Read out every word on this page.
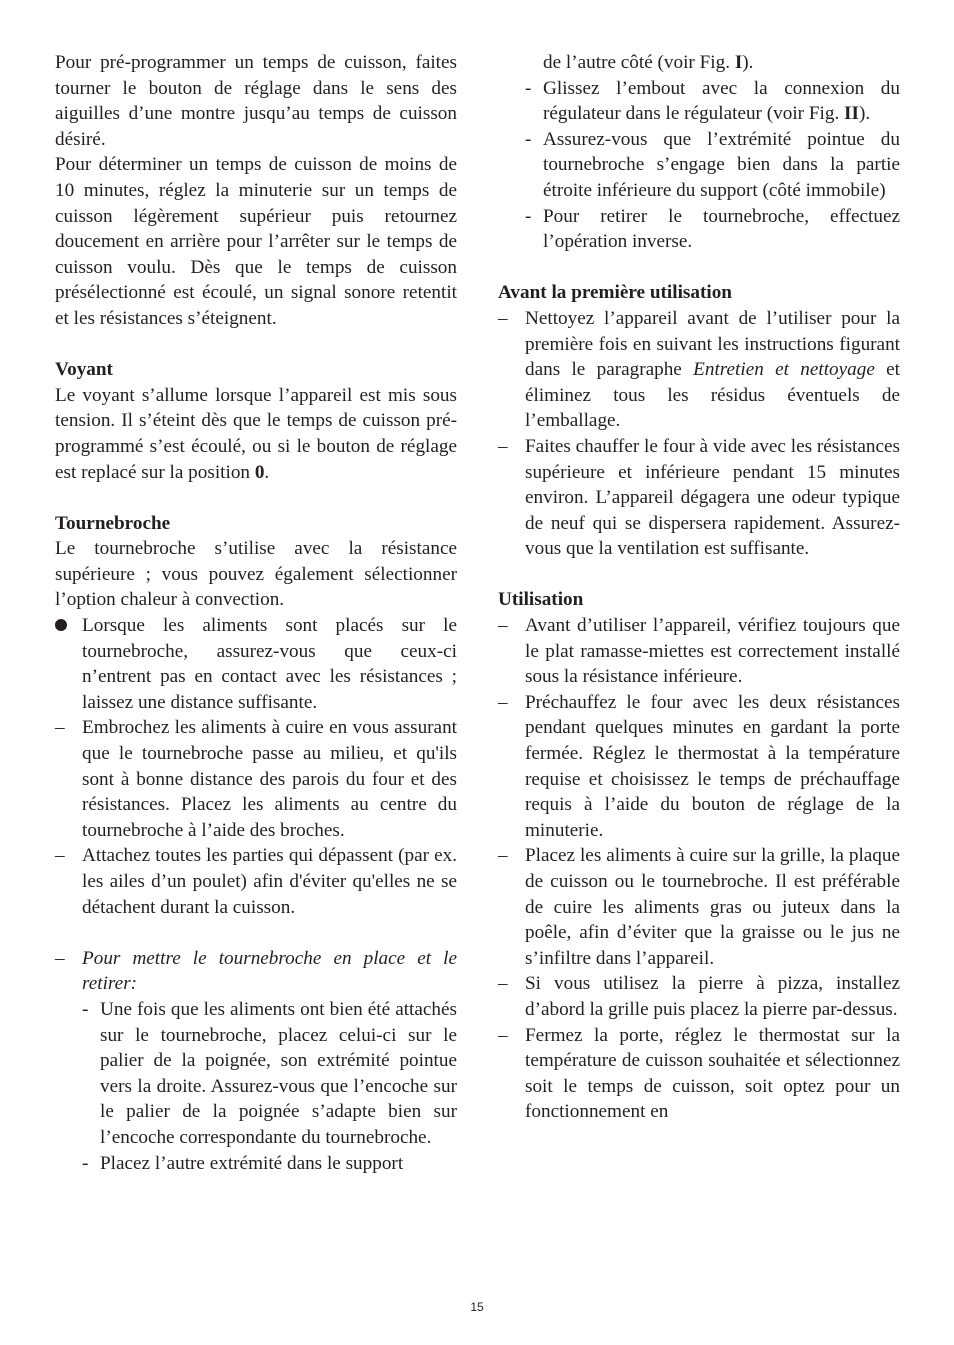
Pour pré-programmer un temps de cuisson, faites tourner le bouton de réglage dans le sens des aiguilles d’une montre jusqu’au temps de cuisson désiré.

Pour déterminer un temps de cuisson de moins de 10 minutes, réglez la minuterie sur un temps de cuisson légèrement supérieur puis retournez doucement en arrière pour l’arrêter sur le temps de cuisson voulu. Dès que le temps de cuisson présélectionné est écoulé, un signal sonore retentit et les résistances s’éteignent.

Voyant

Le voyant s’allume lorsque l’appareil est mis sous tension. Il s’éteint dès que le temps de cuisson pré-programmé s’est écoulé, ou si le bouton de réglage est replacé sur la position 0.

Tournebroche

Le tournebroche s’utilise avec la résistance supérieure ; vous pouvez également sélectionner l’option chaleur à convection.

Lorsque les aliments sont placés sur le tournebroche, assurez-vous que ceux-ci n’entrent pas en contact avec les résistances ; laissez une distance suffisante.
– Embrochez les aliments à cuire en vous assurant que le tournebroche passe au milieu, et qu'ils sont à bonne distance des parois du four et des résistances. Placez les aliments au centre du tournebroche à l’aide des broches.
– Attachez toutes les parties qui dépassent (par ex. les ailes d’un poulet) afin d'éviter qu'elles ne se détachent durant la cuisson.
– Pour mettre le tournebroche en place et le retirer:
- Une fois que les aliments ont bien été attachés sur le tournebroche, placez celui-ci sur le palier de la poignée, son extrémité pointue vers la droite. Assurez-vous que l’encoche sur le palier de la poignée s’adapte bien sur l’encoche correspondante du tournebroche.
- Placez l’autre extrémité dans le support
de l’autre côté (voir Fig. I).
- Glissez l’embout avec la connexion du régulateur dans le régulateur (voir Fig. II).
- Assurez-vous que l’extrémité pointue du tournebroche s’engage bien dans la partie étroite inférieure du support (côté immobile)
- Pour retirer le tournebroche, effectuez l’opération inverse.

Avant la première utilisation

– Nettoyez l’appareil avant de l’utiliser pour la première fois en suivant les instructions figurant dans le paragraphe Entretien et nettoyage et éliminez tous les résidus éventuels de l’emballage.
– Faites chauffer le four à vide avec les résistances supérieure et inférieure pendant 15 minutes environ. L’appareil dégagera une odeur typique de neuf qui se dispersera rapidement. Assurez-vous que la ventilation est suffisante.

Utilisation

– Avant d’utiliser l’appareil, vérifiez toujours que le plat ramasse-miettes est correctement installé sous la résistance inférieure.
– Préchauffez le four avec les deux résistances pendant quelques minutes en gardant la porte fermée. Réglez le thermostat à la température requise et choisissez le temps de préchauffage requis à l’aide du bouton de réglage de la minuterie.
– Placez les aliments à cuire sur la grille, la plaque de cuisson ou le tournebroche. Il est préférable de cuire les aliments gras ou juteux dans la poêle, afin d’éviter que la graisse ou le jus ne s’infiltre dans l’appareil.
– Si vous utilisez la pierre à pizza, installez d’abord la grille puis placez la pierre par-dessus.
– Fermez la porte, réglez le thermostat sur la température de cuisson souhaitée et sélectionnez soit le temps de cuisson, soit optez pour un fonctionnement en
15
